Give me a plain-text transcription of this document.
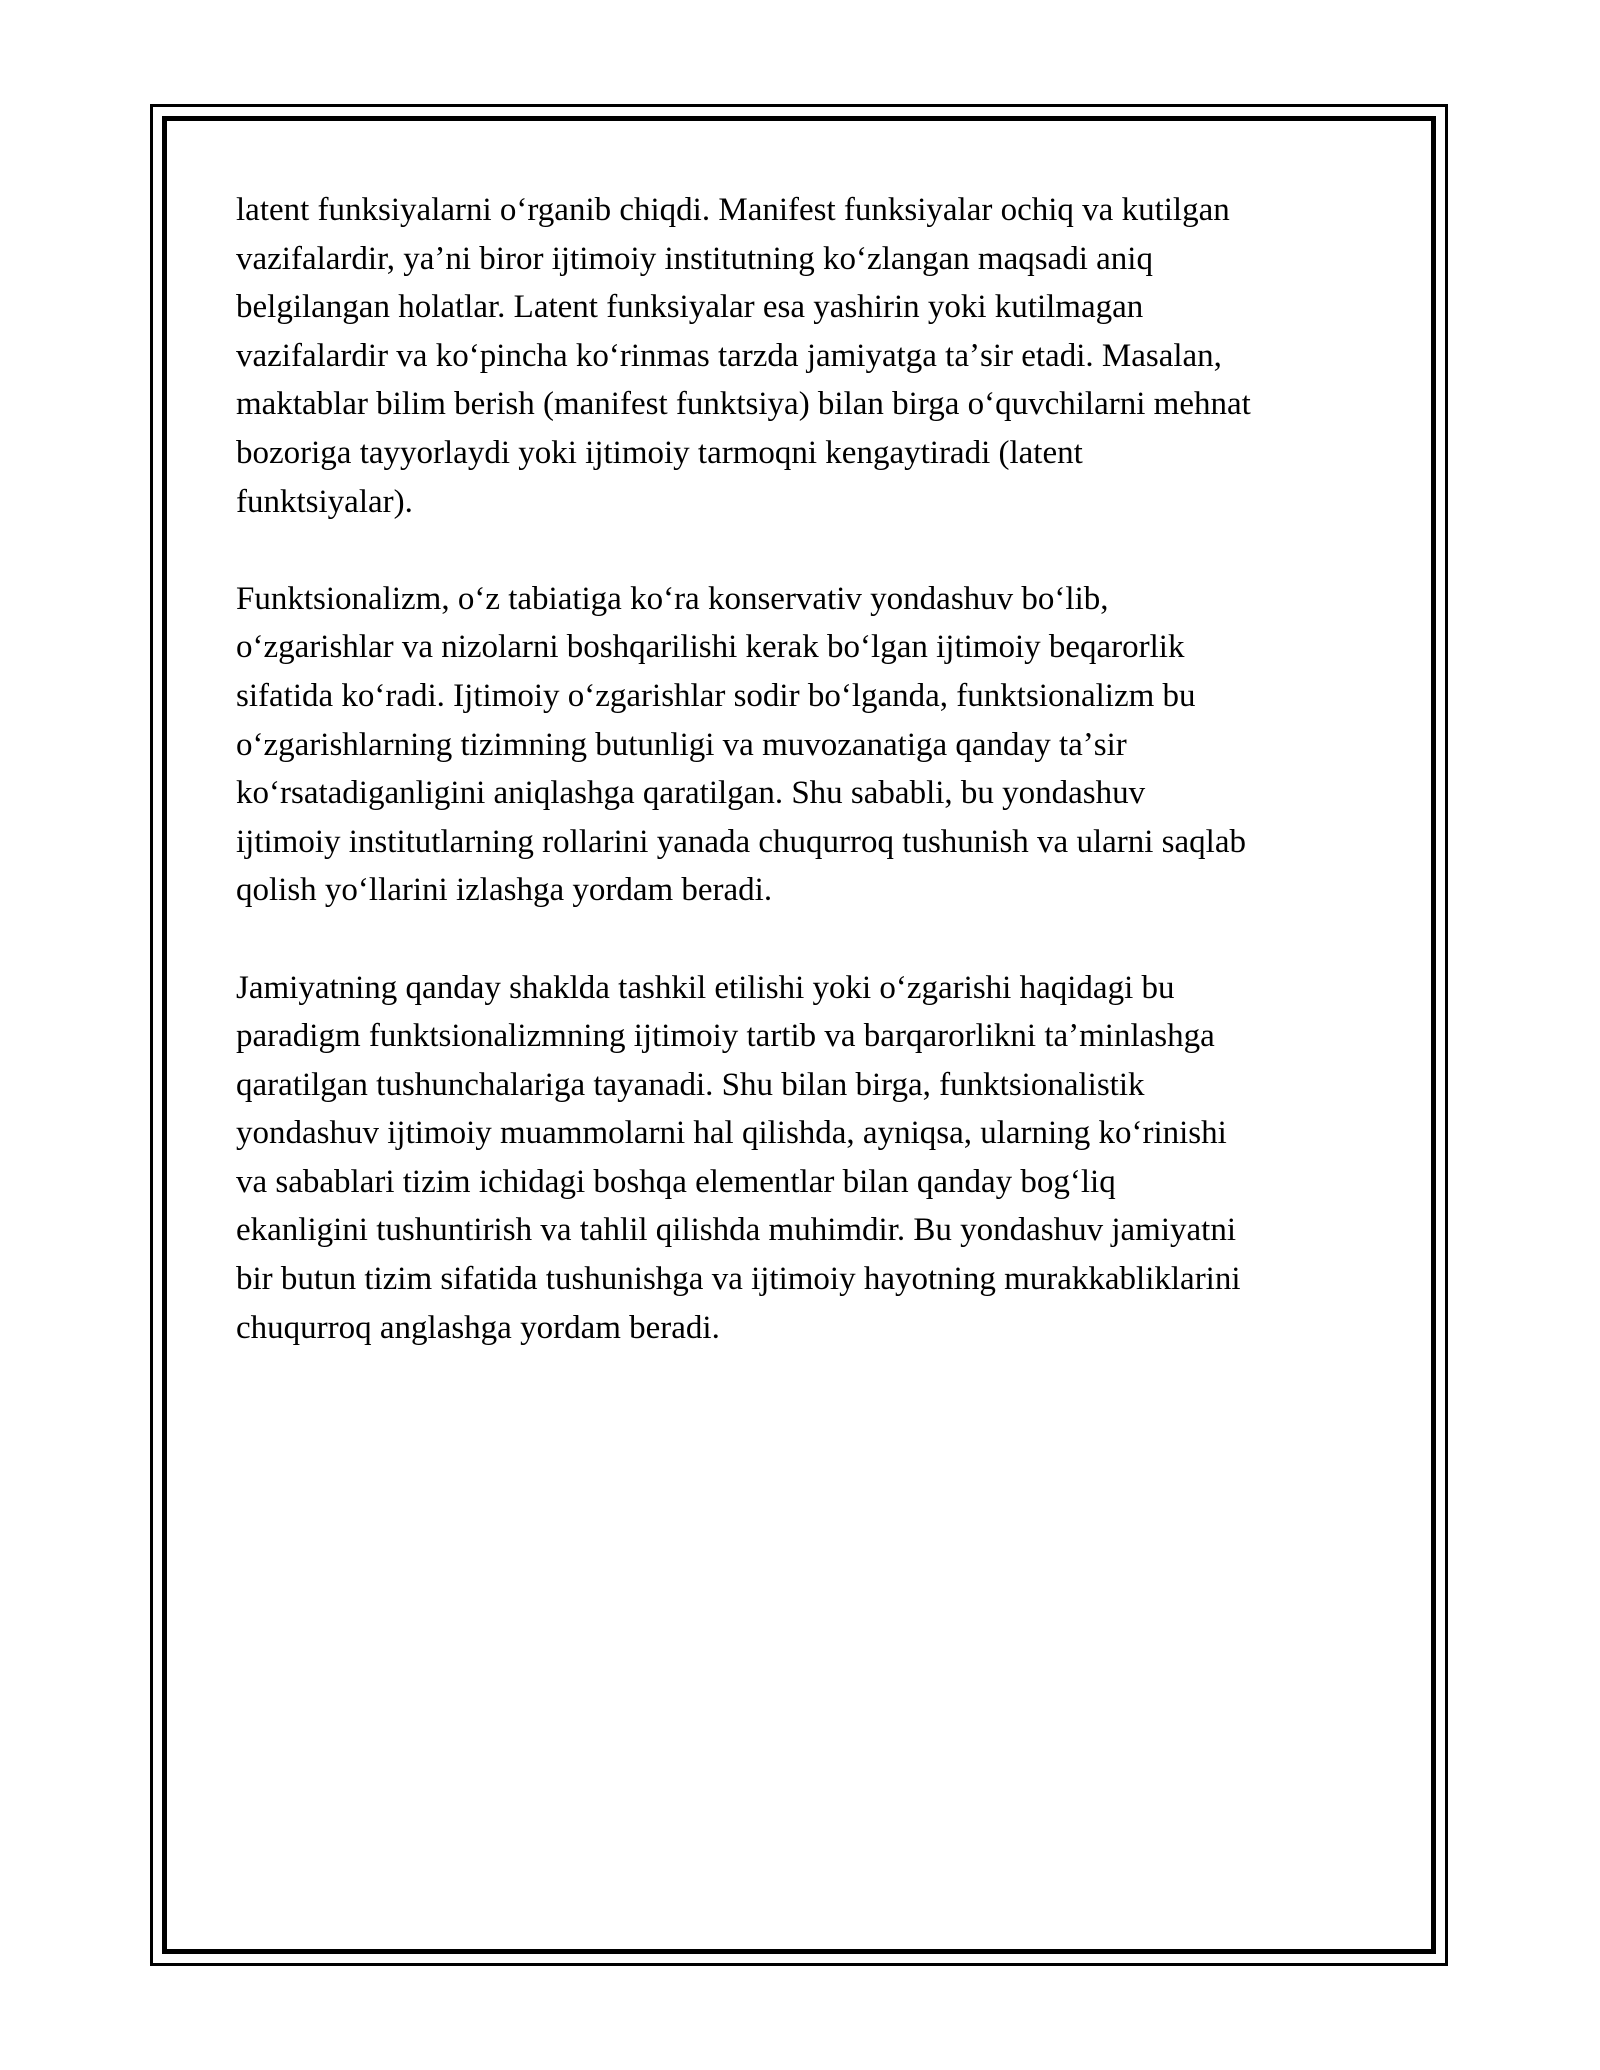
latent funksiyalarni oʻrganib chiqdi. Manifest funksiyalar ochiq va kutilgan
vazifalardir, yaʼni biror ijtimoiy institutning koʻzlangan maqsadi aniq
belgilangan holatlar. Latent funksiyalar esa yashirin yoki kutilmagan
vazifalardir va koʻpincha koʻrinmas tarzda jamiyatga taʼsir etadi. Masalan,
maktablar bilim berish (manifest funktsiya) bilan birga oʻquvchilarni mehnat
bozoriga tayyorlaydi yoki ijtimoiy tarmoqni kengaytiradi (latent
funktsiyalar).

Funktsionalizm, oʻz tabiatiga koʻra konservativ yondashuv boʻlib,
oʻzgarishlar va nizolarni boshqarilishi kerak boʻlgan ijtimoiy beqarorlik
sifatida koʻradi. Ijtimoiy oʻzgarishlar sodir boʻlganda, funktsionalizm bu
oʻzgarishlarning tizimning butunligi va muvozanatiga qanday taʼsir
koʻrsatadiganligini aniqlashga qaratilgan. Shu sababli, bu yondashuv
ijtimoiy institutlarning rollarini yanada chuqurroq tushunish va ularni saqlab
qolish yoʻllarini izlashga yordam beradi.

Jamiyatning qanday shaklda tashkil etilishi yoki oʻzgarishi haqidagi bu
paradigm funktsionalizmning ijtimoiy tartib va barqarorlikni taʼminlashga
qaratilgan tushunchalariga tayanadi. Shu bilan birga, funktsionalistik
yondashuv ijtimoiy muammolarni hal qilishda, ayniqsa, ularning koʻrinishi
va sabablari tizim ichidagi boshqa elementlar bilan qanday bogʻliq
ekanligini tushuntirish va tahlil qilishda muhimdir. Bu yondashuv jamiyatni
bir butun tizim sifatida tushunishga va ijtimoiy hayotning murakkabliklarini
chuqurroq anglashga yordam beradi.
